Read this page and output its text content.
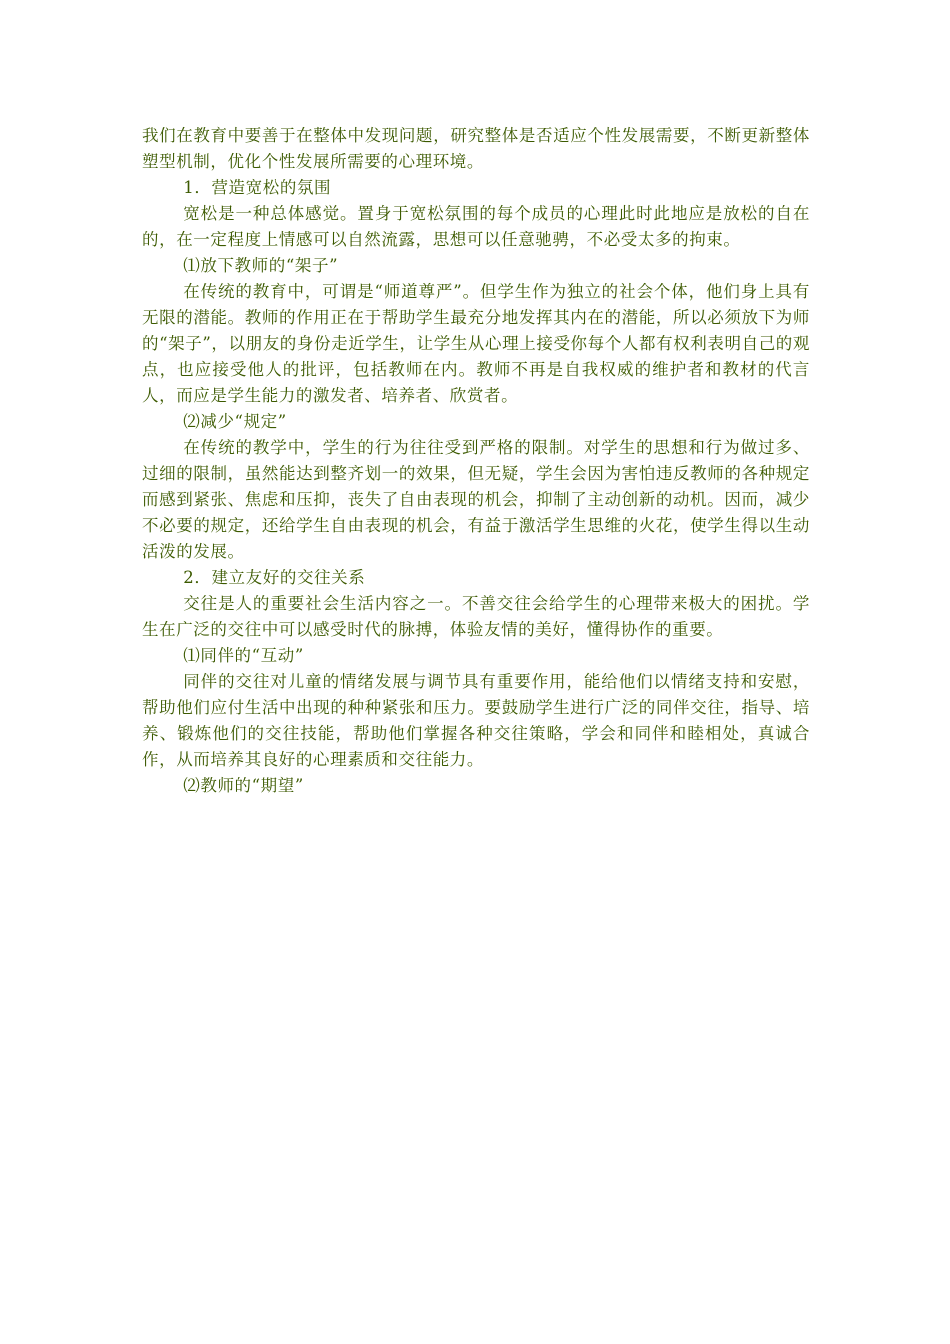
我们在教育中要善于在整体中发现问题，研究整体是否适应个性发展需要，不断更新整体塑型机制，优化个性发展所需要的心理环境。

1．营造宽松的氛围

宽松是一种总体感觉。置身于宽松氛围的每个成员的心理此时此地应是放松的自在的，在一定程度上情感可以自然流露，思想可以任意驰骋，不必受太多的拘束。

⑴放下教师的“架子”

在传统的教育中，可谓是“师道尊严”。但学生作为独立的社会个体，他们身上具有无限的潜能。教师的作用正在于帮助学生最充分地发挥其内在的潜能，所以必须放下为师的“架子”，以朋友的身份走近学生，让学生从心理上接受你每个人都有权利表明自己的观点，也应接受他人的批评，包括教师在内。教师不再是自我权威的维护者和教材的代言人，而应是学生能力的激发者、培养者、欣赏者。

⑵减少“规定”

在传统的教学中，学生的行为往往受到严格的限制。对学生的思想和行为做过多、过细的限制，虽然能达到整齐划一的效果，但无疑，学生会因为害怕违反教师的各种规定而感到紧张、焦虑和压抑，丧失了自由表现的机会，抑制了主动创新的动机。因而，减少不必要的规定，还给学生自由表现的机会，有益于激活学生思维的火花，使学生得以生动活泼的发展。

2．建立友好的交往关系

交往是人的重要社会生活内容之一。不善交往会给学生的心理带来极大的困扰。学生在广泛的交往中可以感受时代的脉搏，体验友情的美好，懂得协作的重要。

⑴同伴的“互动”

同伴的交往对儿童的情绪发展与调节具有重要作用，能给他们以情绪支持和安慰，帮助他们应付生活中出现的种种紧张和压力。要鼓励学生进行广泛的同伴交往，指导、培养、锻炼他们的交往技能，帮助他们掌握各种交往策略，学会和同伴和睦相处，真诚合作，从而培养其良好的心理素质和交往能力。

⑵教师的“期望”
